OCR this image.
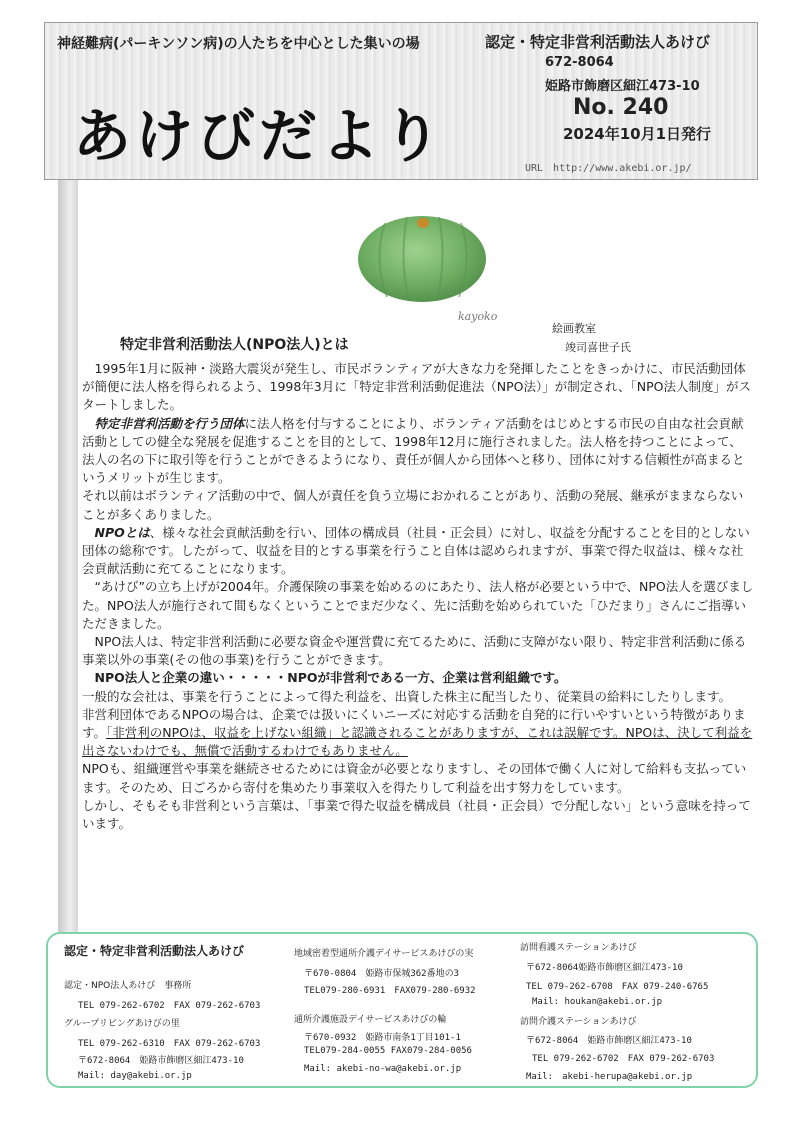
神経難病(パーキンソン病)の人たちを中心とした集いの場	認定・特定非営利活動法人あけび
672-8064
姫路市飾磨区細江473-10
あけびだより	No. 240
2024年10月1日発行
URL　http://www.akebi.or.jp/
kayoko
絵画教室
竣司喜世子氏
特定非営利活動法人(NPO法人)とは

1995年1月に阪神・淡路大震災が発生し、市民ボランティアが大きな力を発揮したことをきっかけに、市民活動団体が簡便に法人格を得られるよう、1998年3月に「特定非営利活動促進法（NPO法）」が制定され、「NPO法人制度」がスタートしました。

特定非営利活動を行う団体に法人格を付与することにより、ボランティア活動をはじめとする市民の自由な社会貢献活動としての健全な発展を促進することを目的として、1998年12月に施行されました。法人格を持つことによって、法人の名の下に取引等を行うことができるようになり、責任が個人から団体へと移り、団体に対する信頼性が高まるというメリットが生じます。

それ以前はボランティア活動の中で、個人が責任を負う立場におかれることがあり、活動の発展、継承がままならないことが多くありました。

NPOとは、様々な社会貢献活動を行い、団体の構成員（社員・正会員）に対し、収益を分配することを目的としない団体の総称です。したがって、収益を目的とする事業を行うこと自体は認められますが、事業で得た収益は、様々な社会貢献活動に充てることになります。

“あけび”の立ち上げが2004年。介護保険の事業を始めるのにあたり、法人格が必要という中で、NPO法人を選びました。NPO法人が施行されて間もなくということでまだ少なく、先に活動を始められていた「ひだまり」さんにご指導いただきました。

NPO法人は、特定非営利活動に必要な資金や運営費に充てるために、活動に支障がない限り、特定非営利活動に係る事業以外の事業(その他の事業)を行うことができます。

NPO法人と企業の違い・・・・・NPOが非営利である一方、企業は営利組織です。

一般的な会社は、事業を行うことによって得た利益を、出資した株主に配当したり、従業員の給料にしたりします。

非営利団体であるNPOの場合は、企業では扱いにくいニーズに対応する活動を自発的に行いやすいという特徴があります。「非営利のNPOは、収益を上げない組織」と認識されることがありますが、これは誤解です。NPOは、決して利益を出さないわけでも、無償で活動するわけでもありません。

NPOも、組織運営や事業を継続させるためには資金が必要となりますし、その団体で働く人に対して給料も支払っています。そのため、日ごろから寄付を集めたり事業収入を得たりして利益を出す努力をしています。

しかし、そもそも非営利という言葉は、「事業で得た収益を構成員（社員・正会員）で分配しない」という意味を持っています。

認定・特定非営利活動法人あけび
認定・NPO法人あけび　事務所
TEL 079-262-6702　FAX 079-262-6703
グループリビングあけびの里
TEL 079-262-6310　FAX 079-262-6703
〒672-8064　姫路市飾磨区細江473-10
Mail: day@akebi.or.jp
地域密着型通所介護デイサービスあけびの実
〒670-0804　姫路市保城362番地の3
TEL079-280-6931　FAX079-280-6932
通所介護施設デイサービスあけびの輪
〒670-0932　姫路市南条1丁目101-1
TEL079-284-0055 FAX079-284-0056
Mail: akebi-no-wa@akebi.or.jp
訪問看護ステーションあけび
〒672-8064姫路市飾磨区細江473-10
TEL 079-262-6708　FAX 079-240-6765
Mail: houkan@akebi.or.jp
訪問介護ステーションあけび
〒672-8064　姫路市飾磨区細江473-10
TEL 079-262-6702　FAX 079-262-6703
Mail:　akebi-herupa@akebi.or.jp
